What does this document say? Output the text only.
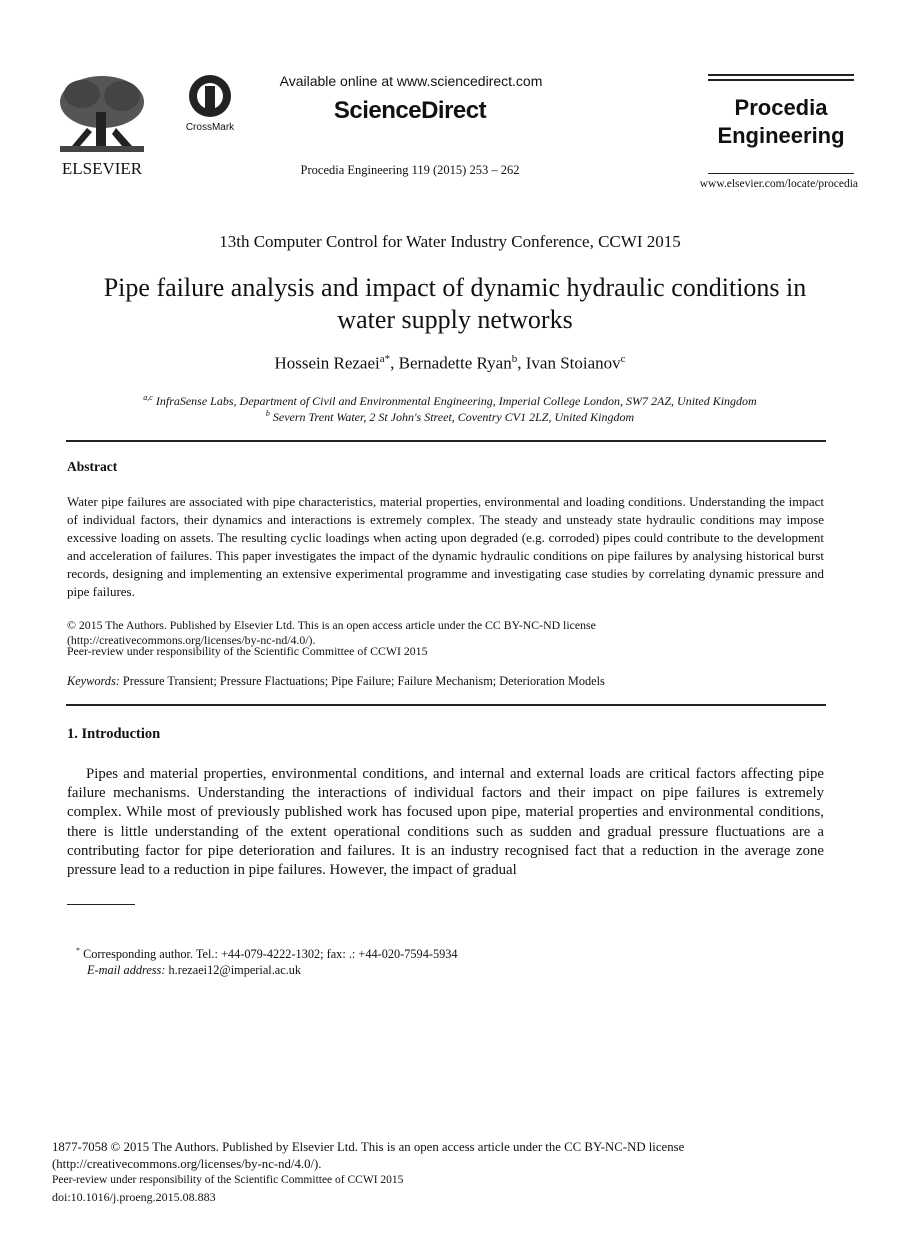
ELSEVIER
CrossMark
Available online at www.sciencedirect.com
ScienceDirect
Procedia Engineering 119 (2015) 253 – 262
Procedia
Engineering
www.elsevier.com/locate/procedia
13th Computer Control for Water Industry Conference, CCWI 2015
Pipe failure analysis and impact of dynamic hydraulic conditions in
water supply networks
Hossein Rezaei$^{a*}$, Bernadette Ryan$^b$, Ivan Stoianov$^c$
$^{a,c}$ InfraSense Labs, Department of Civil and Environmental Engineering, Imperial College London, SW7 2AZ, United Kingdom
$^b$ Severn Trent Water, 2 St John's Street, Coventry CV1 2LZ, United Kingdom
Abstract
Water pipe failures are associated with pipe characteristics, material properties, environmental and loading conditions. Understanding the impact of individual factors, their dynamics and interactions is extremely complex. The steady and unsteady state hydraulic conditions may impose excessive loading on assets. The resulting cyclic loadings when acting upon degraded (e.g. corroded) pipes could contribute to the development and acceleration of failures. This paper investigates the impact of the dynamic hydraulic conditions on pipe failures by analysing historical burst records, designing and implementing an extensive experimental programme and investigating case studies by correlating dynamic pressure and pipe failures.
© 2015 The Authors. Published by Elsevier Ltd. This is an open access article under the CC BY-NC-ND license
(http://creativecommons.org/licenses/by-nc-nd/4.0/).
Peer-review under responsibility of the Scientific Committee of CCWI 2015
Keywords: Pressure Transient; Pressure Flactuations; Pipe Failure; Failure Mechanism; Deterioration Models
1. Introduction
Pipes and material properties, environmental conditions, and internal and external loads are critical factors affecting pipe failure mechanisms. Understanding the interactions of individual factors and their impact on pipe failures is extremely complex. While most of previously published work has focused upon pipe, material properties and environmental conditions, there is little understanding of the extent operational conditions such as sudden and gradual pressure fluctuations are a contributing factor for pipe deterioration and failures. It is an industry recognised fact that a reduction in the average zone pressure lead to a reduction in pipe failures. However, the impact of gradual
* Corresponding author. Tel.: +44-079-4222-1302; fax: .: +44-020-7594-5934
E-mail address: h.rezaei12@imperial.ac.uk
1877-7058 © 2015 The Authors. Published by Elsevier Ltd. This is an open access article under the CC BY-NC-ND license
(http://creativecommons.org/licenses/by-nc-nd/4.0/).
Peer-review under responsibility of the Scientific Committee of CCWI 2015
doi:10.1016/j.proeng.2015.08.883
